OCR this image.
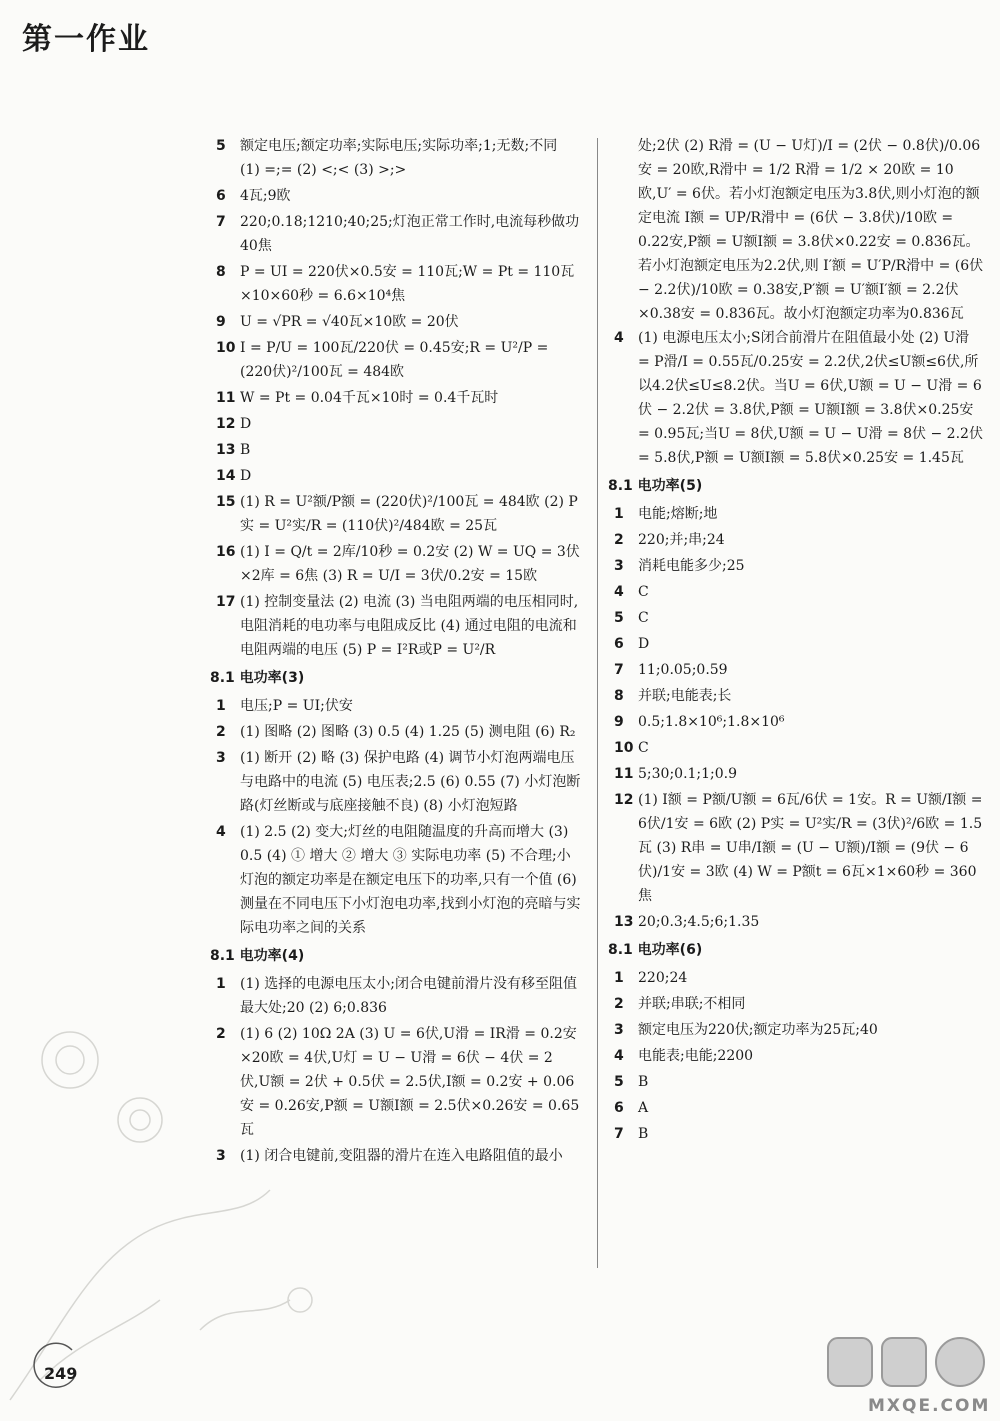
第一作业
5	额定电压;额定功率;实际电压;实际功率;1;无数;不同 (1) =;= (2) <;< (3) >;>
6	4瓦;9欧
7	220;0.18;1210;40;25;灯泡正常工作时,电流每秒做功40焦
8	P = UI = 220伏×0.5安 = 110瓦;W = Pt = 110瓦×10×60秒 = 6.6×10⁴焦
9	U = √PR = √40瓦×10欧 = 20伏
10 I = P/U = 100瓦/220伏 = 0.45安;R = U²/P = (220伏)²/100瓦 = 484欧
11 W = Pt = 0.04千瓦×10时 = 0.4千瓦时
12 D
13 B
14 D
15 (1) R = U²额/P额 = (220伏)²/100瓦 = 484欧 (2) P实 = U²实/R = (110伏)²/484欧 = 25瓦
16 (1) I = Q/t = 2库/10秒 = 0.2安 (2) W = UQ = 3伏×2库 = 6焦 (3) R = U/I = 3伏/0.2安 = 15欧
17 (1) 控制变量法 (2) 电流 (3) 当电阻两端的电压相同时,电阻消耗的电功率与电阻成反比 (4) 通过电阻的电流和电阻两端的电压 (5) P = I²R或P = U²/R
8.1 电功率(3)
1	电压;P = UI;伏安
2	(1) 图略 (2) 图略 (3) 0.5 (4) 1.25 (5) 测电阻 (6) R₂
3	(1) 断开 (2) 略 (3) 保护电路 (4) 调节小灯泡两端电压与电路中的电流 (5) 电压表;2.5 (6) 0.55 (7) 小灯泡断路(灯丝断或与底座接触不良) (8) 小灯泡短路
4	(1) 2.5 (2) 变大;灯丝的电阻随温度的升高而增大 (3) 0.5 (4) ① 增大 ② 增大 ③ 实际电功率 (5) 不合理;小灯泡的额定功率是在额定电压下的功率,只有一个值 (6) 测量在不同电压下小灯泡电功率,找到小灯泡的亮暗与实际电功率之间的关系
8.1 电功率(4)
1	(1) 选择的电源电压太小;闭合电键前滑片没有移至阻值最大处;20 (2) 6;0.836
2	(1) 6 (2) 10Ω 2A (3) U = 6伏,U滑 = IR滑 = 0.2安×20欧 = 4伏,U灯 = U − U滑 = 6伏 − 4伏 = 2伏,U额 = 2伏 + 0.5伏 = 2.5伏,I额 = 0.2安 + 0.06安 = 0.26安,P额 = U额I额 = 2.5伏×0.26安 = 0.65瓦
3	(1) 闭合电键前,变阻器的滑片在连入电路阻值的最小
处;2伏 (2) R滑 = (U − U灯)/I = (2伏 − 0.8伏)/0.06安 = 20欧,R滑中 = 1/2 R滑 = 1/2 × 20欧 = 10欧,U′ = 6伏。若小灯泡额定电压为3.8伏,则小灯泡的额定电流 I额 = UP/R滑中 = (6伏 − 3.8伏)/10欧 = 0.22安,P额 = U额I额 = 3.8伏×0.22安 = 0.836瓦。若小灯泡额定电压为2.2伏,则 I′额 = U′P/R滑中 = (6伏 − 2.2伏)/10欧 = 0.38安,P′额 = U′额I′额 = 2.2伏×0.38安 = 0.836瓦。故小灯泡额定功率为0.836瓦
4	(1) 电源电压太小;S闭合前滑片在阻值最小处 (2) U滑 = P滑/I = 0.55瓦/0.25安 = 2.2伏,2伏≤U额≤6伏,所以4.2伏≤U≤8.2伏。当U = 6伏,U额 = U − U滑 = 6伏 − 2.2伏 = 3.8伏,P额 = U额I额 = 3.8伏×0.25安 = 0.95瓦;当U = 8伏,U额 = U − U滑 = 8伏 − 2.2伏 = 5.8伏,P额 = U额I额 = 5.8伏×0.25安 = 1.45瓦
8.1 电功率(5)
1	电能;熔断;地
2	220;并;串;24
3	消耗电能多少;25
4	C
5	C
6	D
7	11;0.05;0.59
8	并联;电能表;长
9	0.5;1.8×10⁶;1.8×10⁶
10 C
11 5;30;0.1;1;0.9
12 (1) I额 = P额/U额 = 6瓦/6伏 = 1安。R = U额/I额 = 6伏/1安 = 6欧 (2) P实 = U²实/R = (3伏)²/6欧 = 1.5瓦 (3) R串 = U串/I额 = (U − U额)/I额 = (9伏 − 6伏)/1安 = 3欧 (4) W = P额t = 6瓦×1×60秒 = 360焦
13 20;0.3;4.5;6;1.35
8.1 电功率(6)
1	220;24
2	并联;串联;不相同
3	额定电压为220伏;额定功率为25瓦;40
4	电能表;电能;2200
5	B
6	A
7	B
249
MXQE.COM
